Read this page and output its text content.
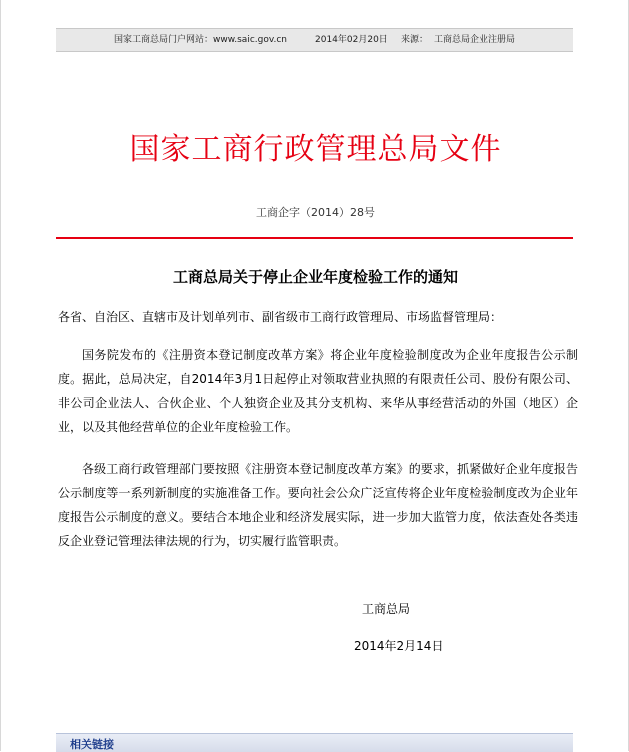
国家工商总局门户网站：www.saic.gov.cn	2014年02月20日 来源： 工商总局企业注册局
国家工商行政管理总局文件
工商企字（2014）28号
工商总局关于停止企业年度检验工作的通知
各省、自治区、直辖市及计划单列市、副省级市工商行政管理局、市场监督管理局：
国务院发布的《注册资本登记制度改革方案》将企业年度检验制度改为企业年度报告公示制度。据此，总局决定，自2014年3月1日起停止对领取营业执照的有限责任公司、股份有限公司、非公司企业法人、合伙企业、个人独资企业及其分支机构、来华从事经营活动的外国（地区）企业，以及其他经营单位的企业年度检验工作。
各级工商行政管理部门要按照《注册资本登记制度改革方案》的要求，抓紧做好企业年度报告公示制度等一系列新制度的实施准备工作。要向社会公众广泛宣传将企业年度检验制度改为企业年度报告公示制度的意义。要结合本地企业和经济发展实际，进一步加大监管力度，依法查处各类违反企业登记管理法律法规的行为，切实履行监管职责。
工商总局
2014年2月14日
相关链接
